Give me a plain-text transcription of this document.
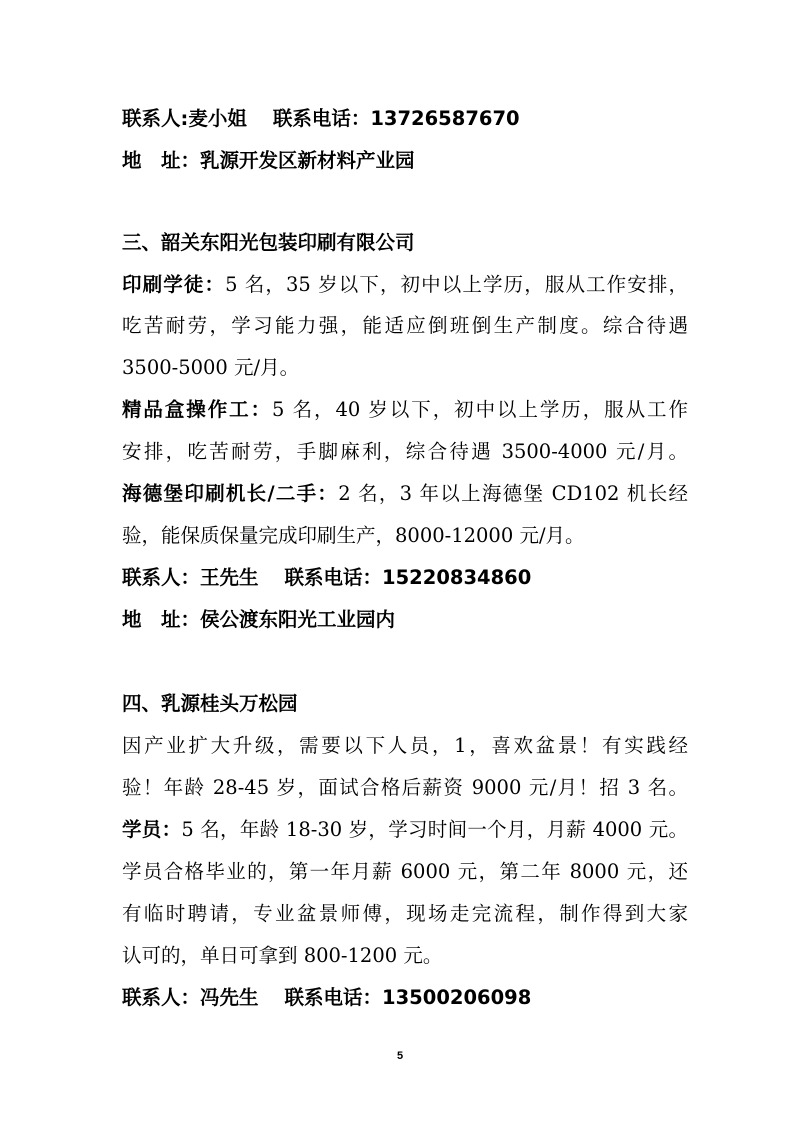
联系人:麦小姐 联系电话：13726587670
地　址：乳源开发区新材料产业园
三、韶关东阳光包装印刷有限公司
印刷学徒：5 名，35 岁以下，初中以上学历，服从工作安排，
吃苦耐劳，学习能力强，能适应倒班倒生产制度。综合待遇
3500-5000 元/月。
精品盒操作工：5 名，40 岁以下，初中以上学历，服从工作
安排，吃苦耐劳，手脚麻利，综合待遇 3500-4000 元/月。
海德堡印刷机长/二手：2 名，3 年以上海德堡 CD102 机长经
验，能保质保量完成印刷生产，8000-12000 元/月。
联系人：王先生 联系电话：15220834860
地　址：侯公渡东阳光工业园内
四、乳源桂头万松园
因产业扩大升级，需要以下人员，1，喜欢盆景！有实践经
验！年龄 28-45 岁，面试合格后薪资 9000 元/月！招 3 名。
学员：5 名，年龄 18-30 岁，学习时间一个月，月薪 4000 元。
学员合格毕业的，第一年月薪 6000 元，第二年 8000 元，还
有临时聘请，专业盆景师傅，现场走完流程，制作得到大家
认可的，单日可拿到 800-1200 元。
联系人：冯先生 联系电话：13500206098
5
